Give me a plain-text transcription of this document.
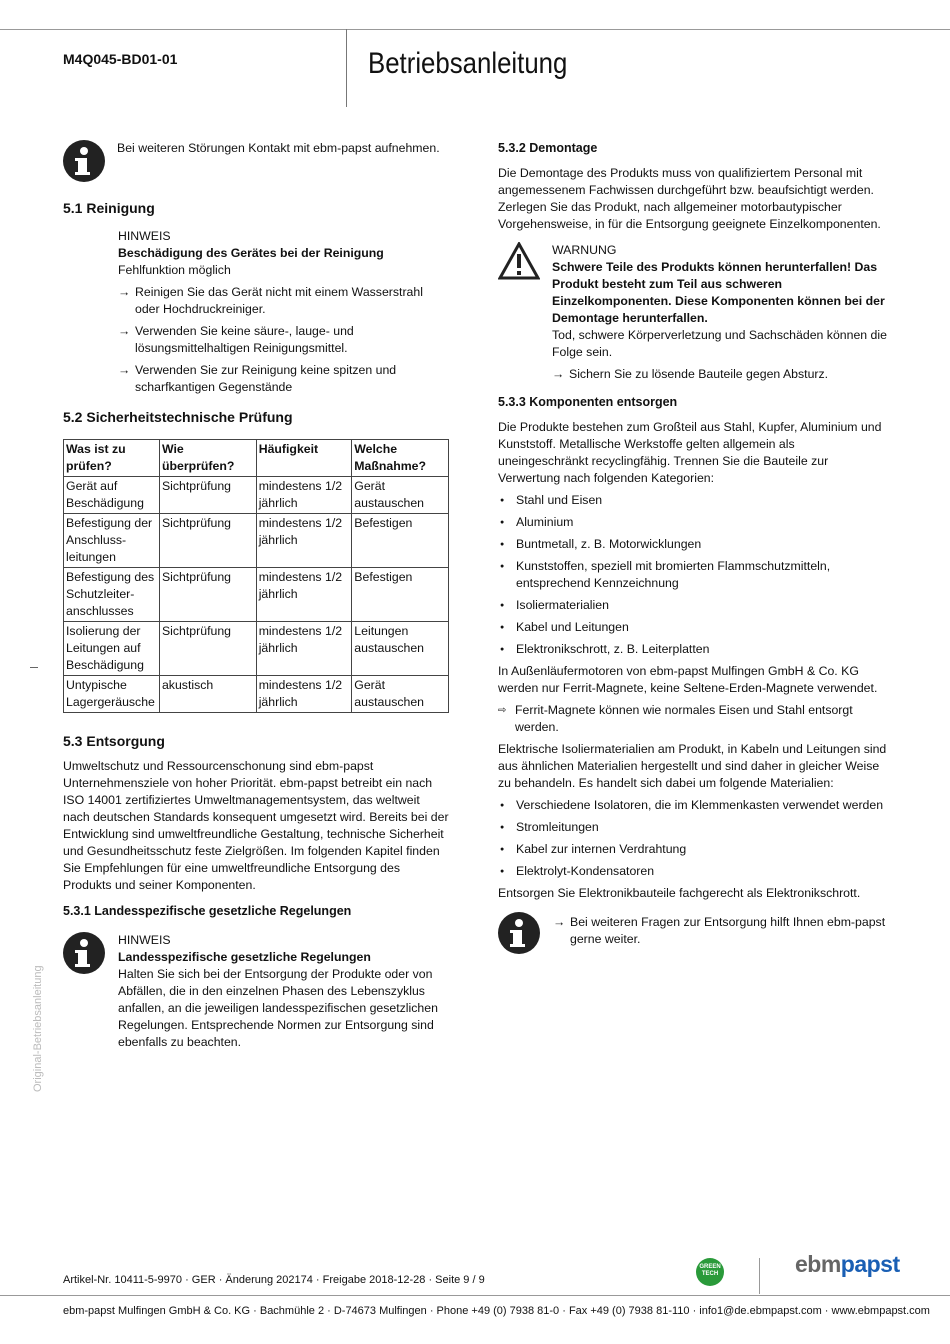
M4Q045-BD01-01	Betriebsanleitung

Bei weiteren Störungen Kontakt mit ebm-papst aufnehmen.

5.1 Reinigung

HINWEIS

Beschädigung des Gerätes bei der Reinigung

Fehlfunktion möglich

→ Reinigen Sie das Gerät nicht mit einem Wasserstrahl oder Hochdruckreiniger.
→ Verwenden Sie keine säure-, lauge- und lösungsmittelhaltigen Reinigungsmittel.
→ Verwenden Sie zur Reinigung keine spitzen und scharfkantigen Gegenstände
5.2 Sicherheitstechnische Prüfung
Was ist zu prüfen?	Wie überprüfen?	Häufigkeit	Welche Maßnahme?
Gerät auf Beschädigung	Sichtprüfung	mindestens 1/2 jährlich	Gerät austauschen
Befestigung der Anschluss-leitungen	Sichtprüfung	mindestens 1/2 jährlich	Befestigen
Befestigung des Schutzleiter-anschlusses	Sichtprüfung	mindestens 1/2 jährlich	Befestigen
Isolierung der Leitungen auf Beschädigung	Sichtprüfung	mindestens 1/2 jährlich	Leitungen austauschen
Untypische Lagergeräusche	akustisch	mindestens 1/2 jährlich	Gerät austauschen
5.3 Entsorgung

Umweltschutz und Ressourcenschonung sind ebm-papst Unternehmensziele von hoher Priorität. ebm-papst betreibt ein nach ISO 14001 zertifiziertes Umweltmanagementsystem, das weltweit nach deutschen Standards konsequent umgesetzt wird. Bereits bei der Entwicklung sind umweltfreundliche Gestaltung, technische Sicherheit und Gesundheitsschutz feste Zielgrößen. Im folgenden Kapitel finden Sie Empfehlungen für eine umweltfreundliche Entsorgung des Produkts und seiner Komponenten.

5.3.1 Landesspezifische gesetzliche Regelungen

HINWEIS

Landesspezifische gesetzliche Regelungen

Halten Sie sich bei der Entsorgung der Produkte oder von Abfällen, die in den einzelnen Phasen des Lebenszyklus anfallen, an die jeweiligen landesspezifischen gesetzlichen Regelungen. Entsprechende Normen zur Entsorgung sind ebenfalls zu beachten.

5.3.2 Demontage

Die Demontage des Produkts muss von qualifiziertem Personal mit angemessenem Fachwissen durchgeführt bzw. beaufsichtigt werden. Zerlegen Sie das Produkt, nach allgemeiner motorbautypischer Vorgehensweise, in für die Entsorgung geeignete Einzelkomponenten.

WARNUNG

Schwere Teile des Produkts können herunterfallen! Das Produkt besteht zum Teil aus schweren Einzelkomponenten. Diese Komponenten können bei der Demontage herunterfallen.

Tod, schwere Körperverletzung und Sachschäden können die Folge sein.

→ Sichern Sie zu lösende Bauteile gegen Absturz.
5.3.3 Komponenten entsorgen

Die Produkte bestehen zum Großteil aus Stahl, Kupfer, Aluminium und Kunststoff. Metallische Werkstoffe gelten allgemein als uneingeschränkt recyclingfähig. Trennen Sie die Bauteile zur Verwertung nach folgenden Kategorien:

● Stahl und Eisen
● Aluminium
● Buntmetall, z. B. Motorwicklungen
● Kunststoffen, speziell mit bromierten Flammschutzmitteln, entsprechend Kennzeichnung
● Isoliermaterialien
● Kabel und Leitungen
● Elektronikschrott, z. B. Leiterplatten

In Außenläufermotoren von ebm-papst Mulfingen GmbH & Co. KG werden nur Ferrit-Magnete, keine Seltene-Erden-Magnete verwendet.

⇨ Ferrit-Magnete können wie normales Eisen und Stahl entsorgt werden.

Elektrische Isoliermaterialien am Produkt, in Kabeln und Leitungen sind aus ähnlichen Materialien hergestellt und sind daher in gleicher Weise zu behandeln. Es handelt sich dabei um folgende Materialien:

● Verschiedene Isolatoren, die im Klemmenkasten verwendet werden
● Stromleitungen
● Kabel zur internen Verdrahtung
● Elektrolyt-Kondensatoren

Entsorgen Sie Elektronikbauteile fachgerecht als Elektronikschrott.

→ Bei weiteren Fragen zur Entsorgung hilft Ihnen ebm-papst gerne weiter.
Original-Betriebsanleitung
Artikel-Nr. 10411-5-9970 · GER · Änderung 202174 · Freigabe 2018-12-28 · Seite 9 / 9
GREEN TECH	ebmpapst
ebm-papst Mulfingen GmbH & Co. KG · Bachmühle 2 · D-74673 Mulfingen · Phone +49 (0) 7938 81-0 · Fax +49 (0) 7938 81-110 · info1@de.ebmpapst.com · www.ebmpapst.com
